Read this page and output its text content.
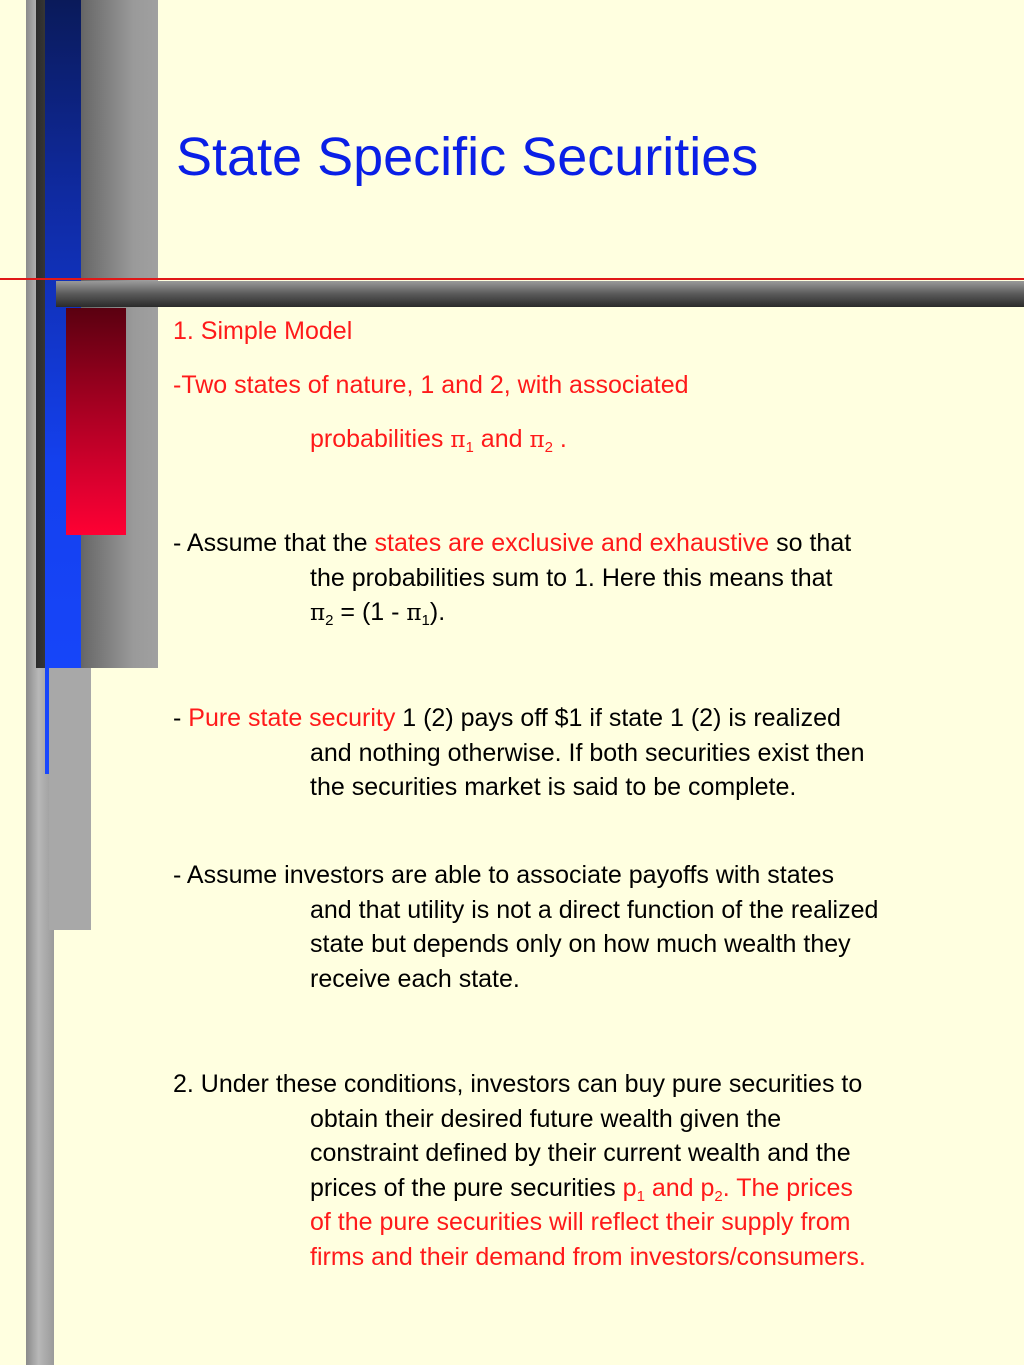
State Specific Securities

1. Simple Model

-Two states of nature, 1 and 2, with associated
probabilities $\pi_1$ and $\pi_2$ .

- Assume that the states are exclusive and exhaustive so that
the probabilities sum to 1. Here this means that
$\pi_2 = (1 - \pi_1)$.

- Pure state security 1 (2) pays off $1 if state 1 (2) is realized
and nothing otherwise. If both securities exist then
the securities market is said to be complete.

- Assume investors are able to associate payoffs with states
and that utility is not a direct function of the realized
state but depends only on how much wealth they
receive each state.

2. Under these conditions, investors can buy pure securities to
obtain their desired future wealth given the
constraint defined by their current wealth and the
prices of the pure securities $p_1$ and $p_2$. The prices
of the pure securities will reflect their supply from
firms and their demand from investors/consumers.
